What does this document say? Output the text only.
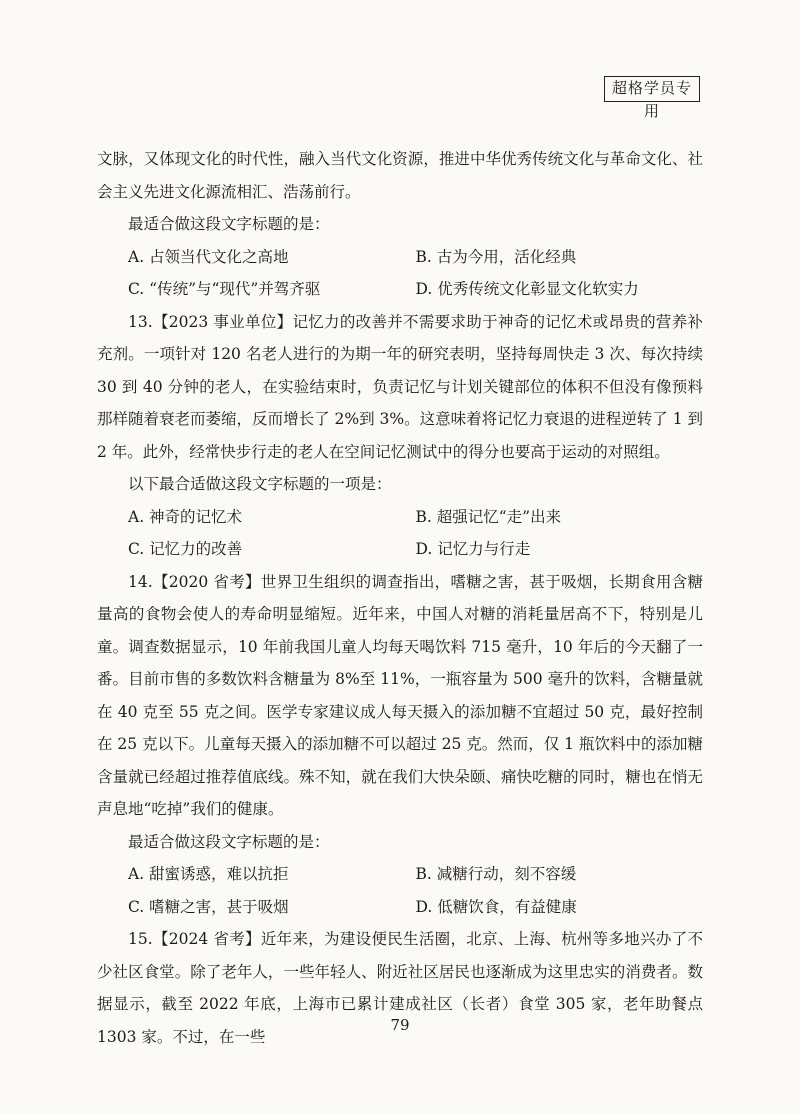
超格学员专用

文脉，又体现文化的时代性，融入当代文化资源，推进中华优秀传统文化与革命文化、社会主义先进文化源流相汇、浩荡前行。

最适合做这段文字标题的是：

A. 占领当代文化之高地	B. 古为今用，活化经典
C. “传统”与“现代”并驾齐驱	D. 优秀传统文化彰显文化软实力

13.【2023 事业单位】记忆力的改善并不需要求助于神奇的记忆术或昂贵的营养补充剂。一项针对 120 名老人进行的为期一年的研究表明，坚持每周快走 3 次、每次持续 30 到 40 分钟的老人，在实验结束时，负责记忆与计划关键部位的体积不但没有像预料那样随着衰老而萎缩，反而增长了 2%到 3%。这意味着将记忆力衰退的进程逆转了 1 到 2 年。此外，经常快步行走的老人在空间记忆测试中的得分也要高于运动的对照组。

以下最合适做这段文字标题的一项是：

A. 神奇的记忆术	B. 超强记忆“走”出来
C. 记忆力的改善	D. 记忆力与行走

14.【2020 省考】世界卫生组织的调查指出，嗜糖之害，甚于吸烟，长期食用含糖量高的食物会使人的寿命明显缩短。近年来，中国人对糖的消耗量居高不下，特别是儿童。调查数据显示，10 年前我国儿童人均每天喝饮料 715 毫升，10 年后的今天翻了一番。目前市售的多数饮料含糖量为 8%至 11%，一瓶容量为 500 毫升的饮料，含糖量就在 40 克至 55 克之间。医学专家建议成人每天摄入的添加糖不宜超过 50 克，最好控制在 25 克以下。儿童每天摄入的添加糖不可以超过 25 克。然而，仅 1 瓶饮料中的添加糖含量就已经超过推荐值底线。殊不知，就在我们大快朵颐、痛快吃糖的同时，糖也在悄无声息地“吃掉”我们的健康。

最适合做这段文字标题的是：

A. 甜蜜诱惑，难以抗拒	B. 减糖行动，刻不容缓
C. 嗜糖之害，甚于吸烟	D. 低糖饮食，有益健康

15.【2024 省考】近年来，为建设便民生活圈，北京、上海、杭州等多地兴办了不少社区食堂。除了老年人，一些年轻人、附近社区居民也逐渐成为这里忠实的消费者。数据显示，截至 2022 年底，上海市已累计建成社区（长者）食堂 305 家，老年助餐点 1303 家。不过，在一些

79
